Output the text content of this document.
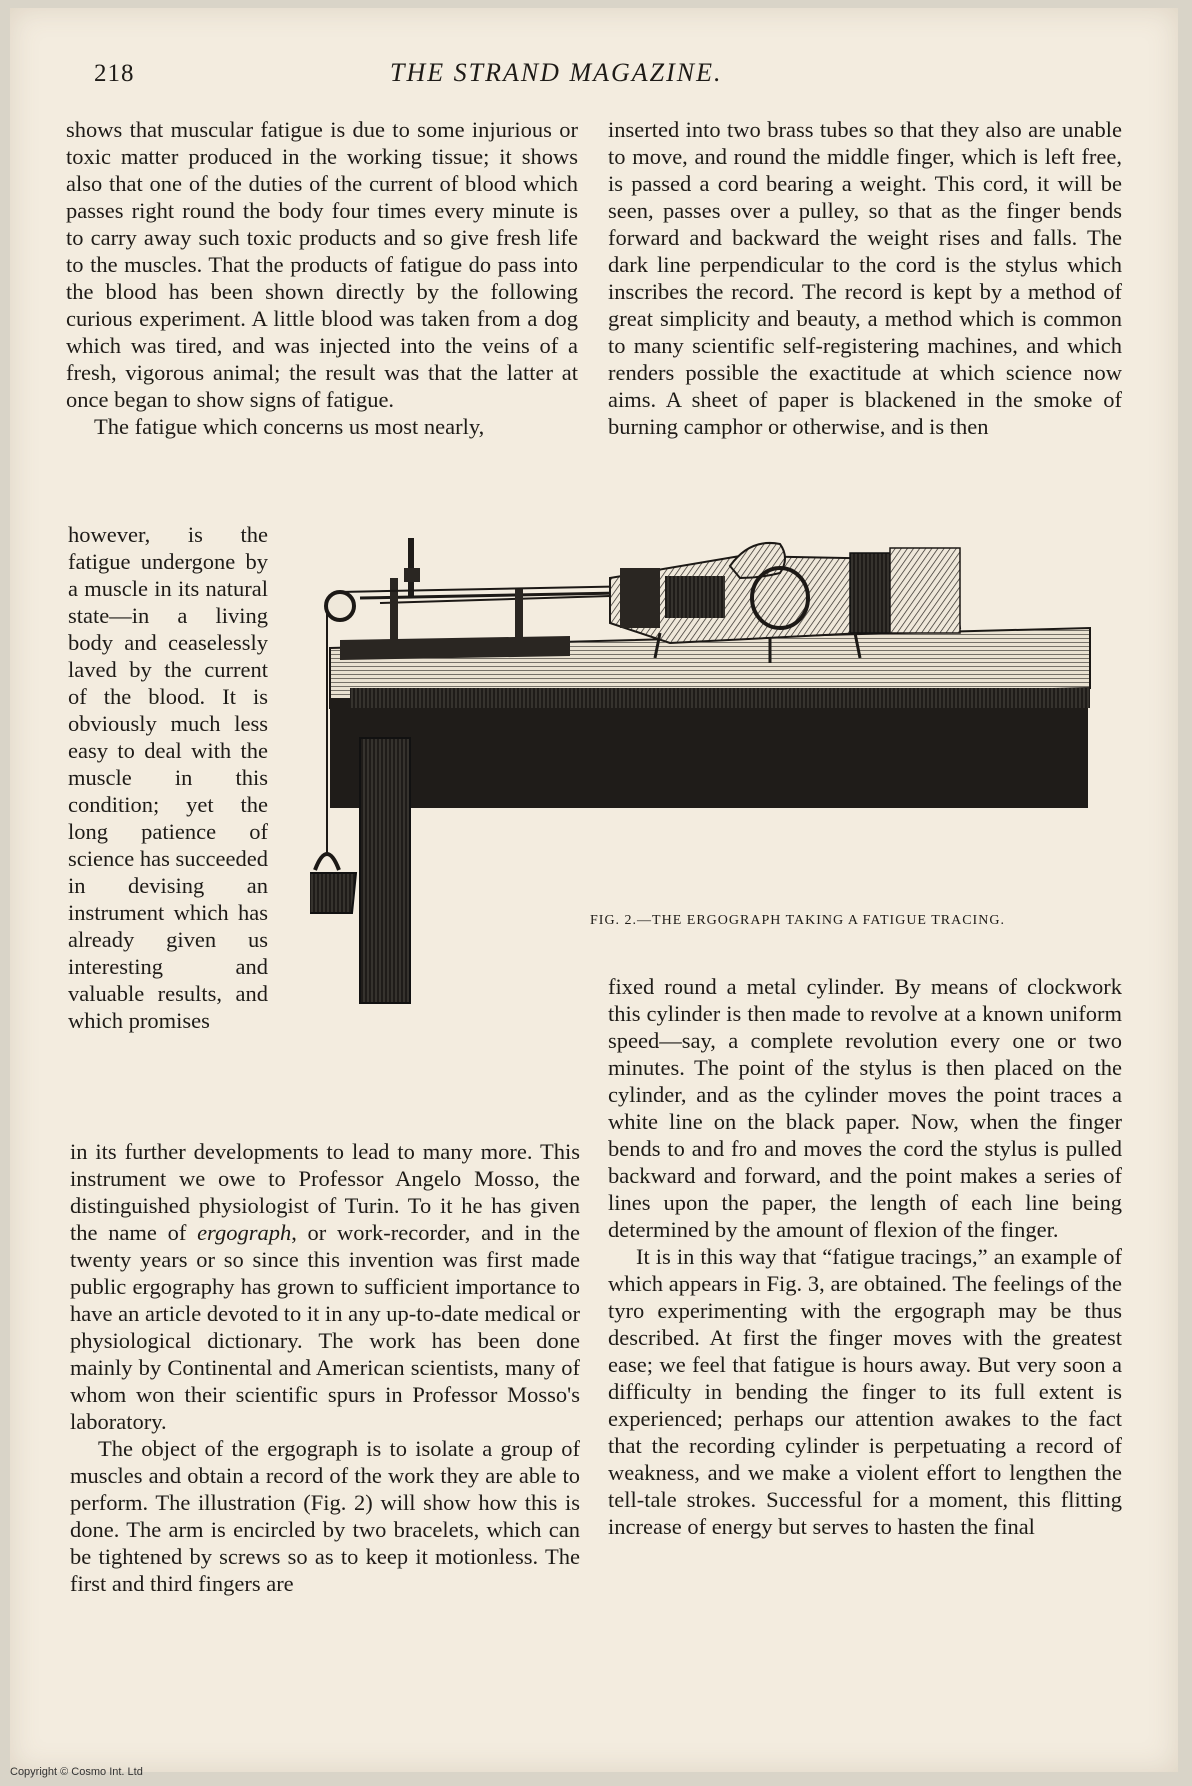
218	THE STRAND MAGAZINE.

shows that muscular fatigue is due to some injurious or toxic matter produced in the working tissue; it shows also that one of the duties of the current of blood which passes right round the body four times every minute is to carry away such toxic products and so give fresh life to the muscles. That the products of fatigue do pass into the blood has been shown directly by the following curious experiment. A little blood was taken from a dog which was tired, and was injected into the veins of a fresh, vigorous animal; the result was that the latter at once began to show signs of fatigue.

The fatigue which concerns us most nearly,

however, is the fatigue undergone by a muscle in its natural state—in a living body and ceaselessly laved by the current of the blood. It is obviously much less easy to deal with the muscle in this condition; yet the long patience of science has succeeded in devising an instrument which has already given us interesting and valuable results, and which promises

in its further developments to lead to many more. This instrument we owe to Professor Angelo Mosso, the distinguished physiologist of Turin. To it he has given the name of ergograph, or work-recorder, and in the twenty years or so since this invention was first made public ergography has grown to sufficient importance to have an article devoted to it in any up-to-date medical or physiological dictionary. The work has been done mainly by Continental and American scientists, many of whom won their scientific spurs in Professor Mosso's laboratory.

The object of the ergograph is to isolate a group of muscles and obtain a record of the work they are able to perform. The illustration (Fig. 2) will show how this is done. The arm is encircled by two bracelets, which can be tightened by screws so as to keep it motionless. The first and third fingers are

inserted into two brass tubes so that they also are unable to move, and round the middle finger, which is left free, is passed a cord bearing a weight. This cord, it will be seen, passes over a pulley, so that as the finger bends forward and backward the weight rises and falls. The dark line perpendicular to the cord is the stylus which inscribes the record. The record is kept by a method of great simplicity and beauty, a method which is common to many scientific self-registering machines, and which renders possible the exactitude at which science now aims. A sheet of paper is blackened in the smoke of burning camphor or otherwise, and is then

fixed round a metal cylinder. By means of clockwork this cylinder is then made to revolve at a known uniform speed—say, a complete revolution every one or two minutes. The point of the stylus is then placed on the cylinder, and as the cylinder moves the point traces a white line on the black paper. Now, when the finger bends to and fro and moves the cord the stylus is pulled backward and forward, and the point makes a series of lines upon the paper, the length of each line being determined by the amount of flexion of the finger.

It is in this way that “fatigue tracings,” an example of which appears in Fig. 3, are obtained. The feelings of the tyro experimenting with the ergograph may be thus described. At first the finger moves with the greatest ease; we feel that fatigue is hours away. But very soon a difficulty in bending the finger to its full extent is experienced; perhaps our attention awakes to the fact that the recording cylinder is perpetuating a record of weakness, and we make a violent effort to lengthen the tell-tale strokes. Successful for a moment, this flitting increase of energy but serves to hasten the final

FIG. 2.—THE ERGOGRAPH TAKING A FATIGUE TRACING.
Copyright © Cosmo Int. Ltd
